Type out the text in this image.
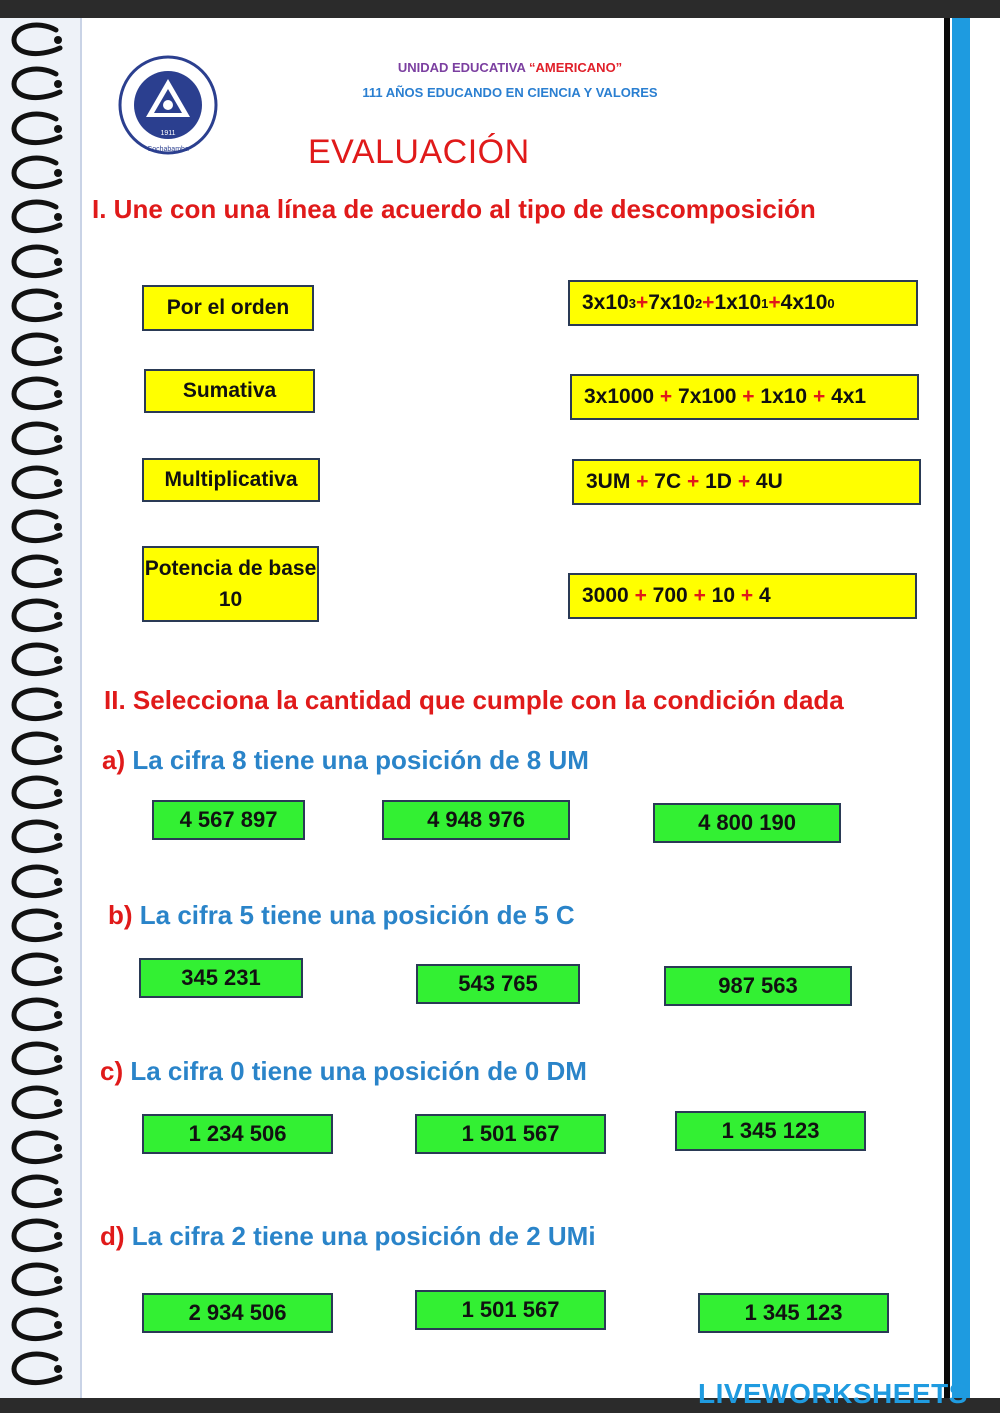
1911
Cochabamba
UNIDAD EDUCATIVA “AMERICANO”
111 AÑOS EDUCANDO EN CIENCIA Y VALORES
EVALUACIÓN
I. Une con una línea de acuerdo al tipo de descomposición
Por el orden
Sumativa
Multiplicativa
Potencia de base 10
3x10 3 + 7x10 2 + 1x10 1 + 4x10 0
3x1000
+
7x100
+
1x10
+
4x1
3UM
+
7C
+
1D
+
4U
3000
+
700
+
10
+
4
II. Selecciona la cantidad que cumple con la condición dada
a) La cifra 8 tiene una posición de 8 UM
4 567 897	4 948 976	4 800 190
b) La cifra 5 tiene una posición de 5 C
345 231	543 765	987 563
c) La cifra 0 tiene una posición de 0 DM
1 234 506	1 501 567	1 345 123
d) La cifra 2 tiene una posición de 2 UMi
2 934 506	1 501 567	1 345 123
LIVEWORKSHEETS
